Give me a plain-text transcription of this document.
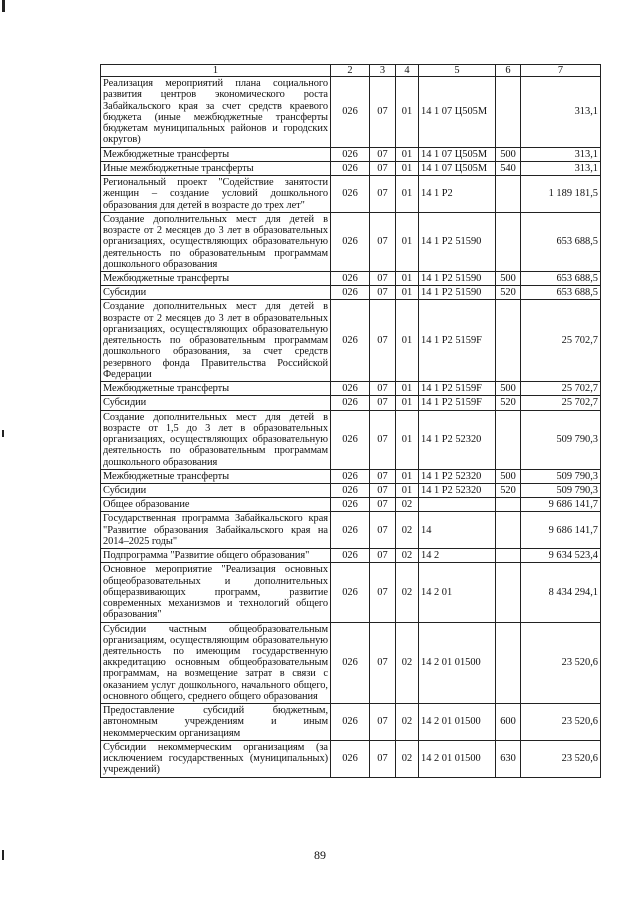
1	2	3	4	5	6	7
Реализация мероприятий плана социального развития центров экономического роста Забайкальского края за счет средств краевого бюджета (иные межбюджетные трансферты бюджетам муниципальных районов и городских округов)	026	07	01	14 1 07 Ц505М		313,1
Межбюджетные трансферты	026	07	01	14 1 07 Ц505М	500	313,1
Иные межбюджетные трансферты	026	07	01	14 1 07 Ц505М	540	313,1
Региональный проект "Содействие занятости женщин – создание условий дошкольного образования для детей в возрасте до трех лет"	026	07	01	14 1 P2		1 189 181,5
Создание дополнительных мест для детей в возрасте от 2 месяцев до 3 лет в образовательных организациях, осуществляющих образовательную деятельность по образовательным программам дошкольного образования	026	07	01	14 1 P2 51590		653 688,5
Межбюджетные трансферты	026	07	01	14 1 P2 51590	500	653 688,5
Субсидии	026	07	01	14 1 P2 51590	520	653 688,5
Создание дополнительных мест для детей в возрасте от 2 месяцев до 3 лет в образовательных организациях, осуществляющих образовательную деятельность по образовательным программам дошкольного образования, за счет средств резервного фонда Правительства Российской Федерации	026	07	01	14 1 P2 5159F		25 702,7
Межбюджетные трансферты	026	07	01	14 1 P2 5159F	500	25 702,7
Субсидии	026	07	01	14 1 P2 5159F	520	25 702,7
Создание дополнительных мест для детей в возрасте от 1,5 до 3 лет в образовательных организациях, осуществляющих образовательную деятельность по образовательным программам дошкольного образования	026	07	01	14 1 P2 52320		509 790,3
Межбюджетные трансферты	026	07	01	14 1 P2 52320	500	509 790,3
Субсидии	026	07	01	14 1 P2 52320	520	509 790,3
Общее образование	026	07	02			9 686 141,7
Государственная программа Забайкальского края "Развитие образования Забайкальского края на 2014–2025 годы"	026	07	02	14		9 686 141,7
Подпрограмма "Развитие общего образования"	026	07	02	14 2		9 634 523,4
Основное мероприятие "Реализация основных общеобразовательных и дополнительных общеразвивающих программ, развитие современных механизмов и технологий общего образования"	026	07	02	14 2 01		8 434 294,1
Субсидии частным общеобразовательным организациям, осуществляющим образовательную деятельность по имеющим государственную аккредитацию основным общеобразовательным программам, на возмещение затрат в связи с оказанием услуг дошкольного, начального общего, основного общего, среднего общего образования	026	07	02	14 2 01 01500		23 520,6
Предоставление субсидий бюджетным, автономным учреждениям и иным некоммерческим организациям	026	07	02	14 2 01 01500	600	23 520,6
Субсидии некоммерческим организациям (за исключением государственных (муниципальных) учреждений)	026	07	02	14 2 01 01500	630	23 520,6
89
